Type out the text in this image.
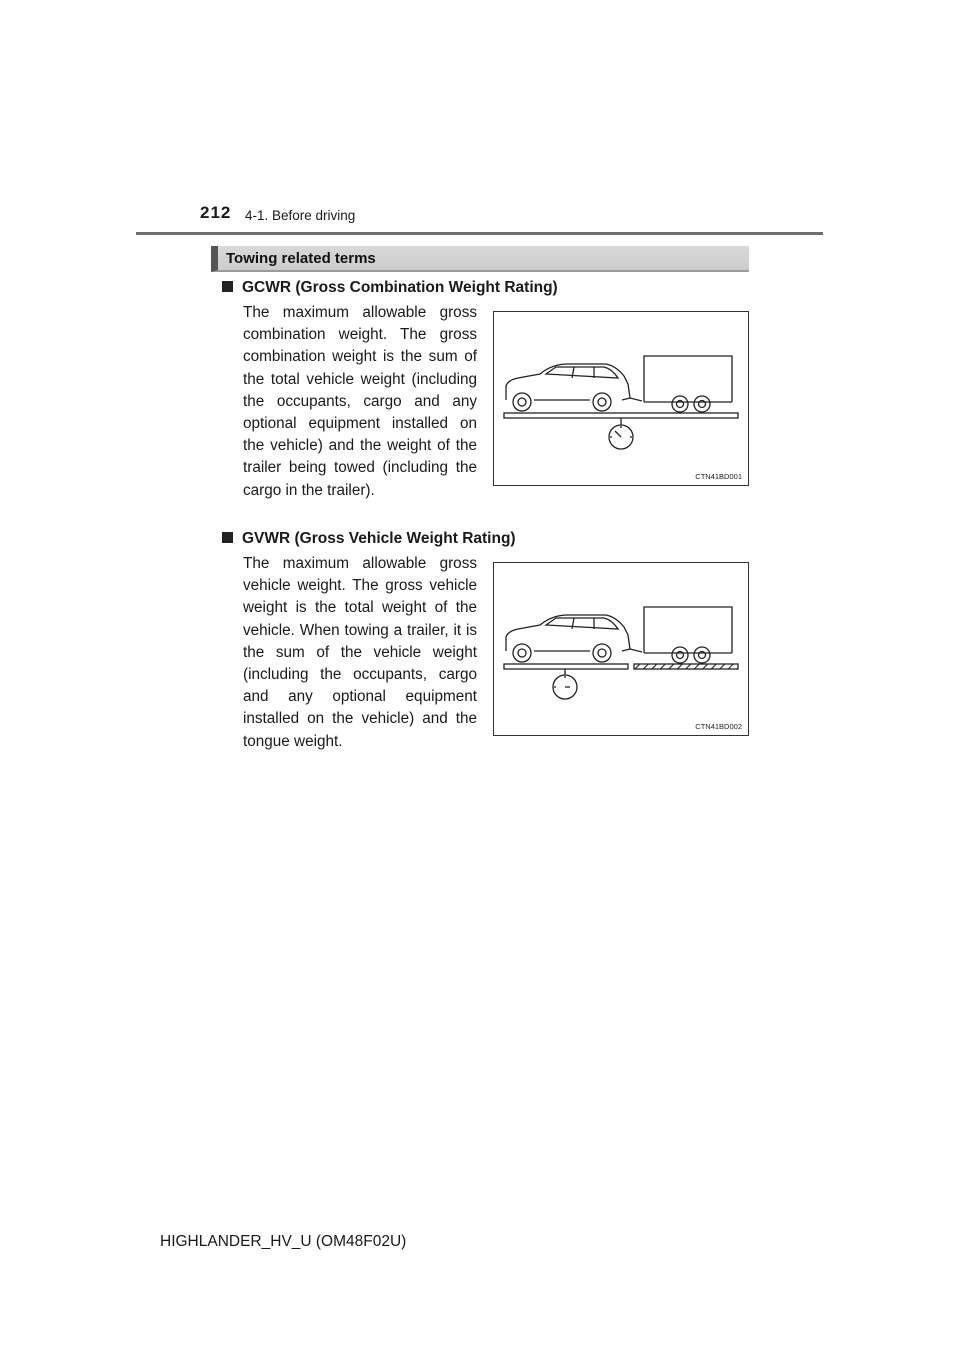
212 4-1. Before driving
Towing related terms
GCWR (Gross Combination Weight Rating)
The maximum allowable gross combination weight. The gross combination weight is the sum of the total vehicle weight (including the occupants, cargo and any optional equipment installed on the vehicle) and the weight of the trailer being towed (including the cargo in the trailer).
CTN41BD001
GVWR (Gross Vehicle Weight Rating)
The maximum allowable gross vehicle weight. The gross vehicle weight is the total weight of the vehicle. When towing a trailer, it is the sum of the vehicle weight (including the occupants, cargo and any optional equipment installed on the vehicle) and the tongue weight.
CTN41BD002
HIGHLANDER_HV_U (OM48F02U)
